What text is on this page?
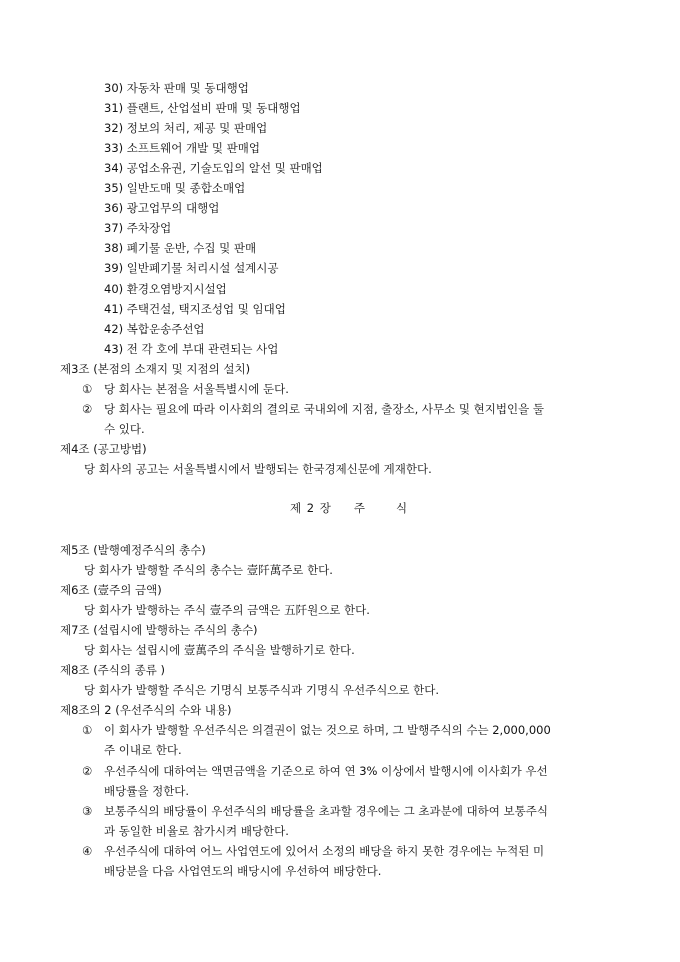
30) 자동차 판매 및 동대행업
31) 플랜트, 산업설비 판매 및 동대행업
32) 정보의 처리, 제공 및 판매업
33) 소프트웨어 개발 및 판매업
34) 공업소유권, 기술도입의 알선 및 판매업
35) 일반도매 및 종합소매업
36) 광고업무의 대행업
37) 주차장업
38) 폐기물 운반, 수집 및 판매
39) 일반폐기물 처리시설 설계시공
40) 환경오염방지시설업
41) 주택건설, 택지조성업 및 임대업
42) 복합운송주선업
43) 전 각 호에 부대 관련되는 사업
제3조 (본점의 소재지 및 지점의 설치)
① 당 회사는 본점을 서울특별시에 둔다.
② 당 회사는 필요에 따라 이사회의 결의로 국내외에 지점, 출장소, 사무소 및 현지법인을 둘
수 있다.
제4조 (공고방법)
당 회사의 공고는 서울특별시에서 발행되는 한국경제신문에 게재한다.
제 2 장 주	식
제5조 (발행예정주식의 총수)
당 회사가 발행할 주식의 총수는 壹阡萬주로 한다.
제6조 (壹주의 금액)
당 회사가 발행하는 주식 壹주의 금액은 五阡원으로 한다.
제7조 (설립시에 발행하는 주식의 총수)
당 회사는 설립시에 壹萬주의 주식을 발행하기로 한다.
제8조 (주식의 종류 )
당 회사가 발행할 주식은 기명식 보통주식과 기명식 우선주식으로 한다.
제8조의 2 (우선주식의 수와 내용)
① 이 회사가 발행할 우선주식은 의결권이 없는 것으로 하며, 그 발행주식의 수는 2,000,000
주 이내로 한다.
② 우선주식에 대하여는 액면금액을 기준으로 하여 연 3% 이상에서 발행시에 이사회가 우선
배당률을 정한다.
③ 보통주식의 배당률이 우선주식의 배당률을 초과할 경우에는 그 초과분에 대하여 보통주식
과 동일한 비율로 참가시켜 배당한다.
④ 우선주식에 대하여 어느 사업연도에 있어서 소정의 배당을 하지 못한 경우에는 누적된 미
배당분을 다음 사업연도의 배당시에 우선하여 배당한다.
